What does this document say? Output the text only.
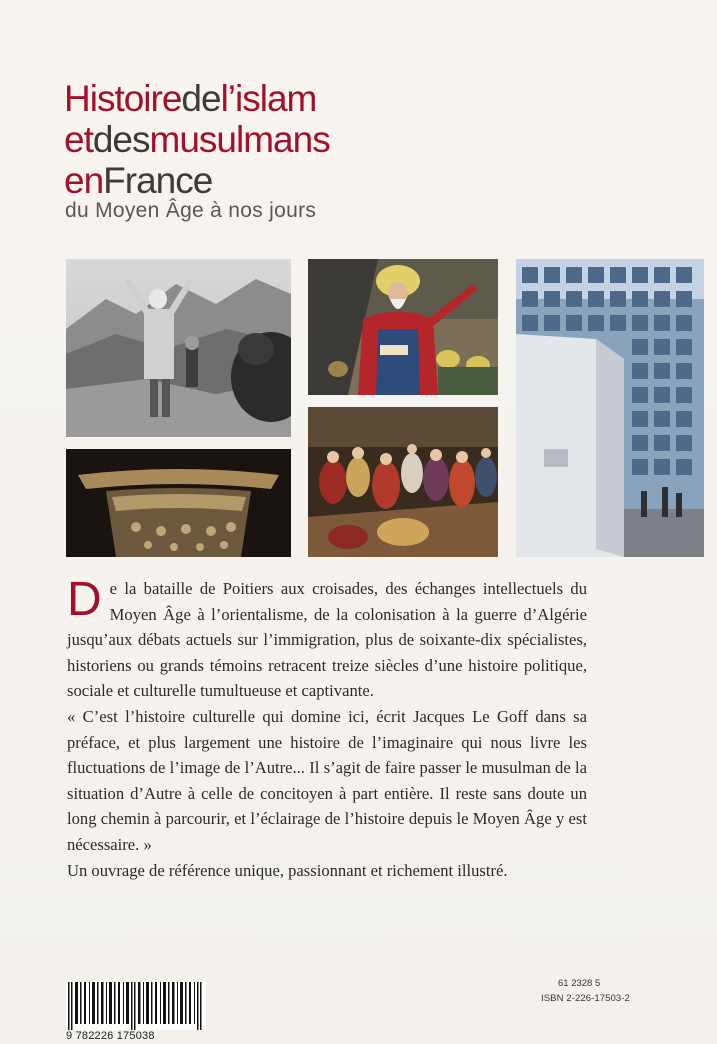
Histoiredel’islam
etdesmusulmans
enFrance
du Moyen Âge à nos jours
D e la bataille de Poitiers aux croisades, des échanges intellectuels du Moyen Âge à l’orientalisme, de la colonisation à la guerre d’Algérie jusqu’aux débats actuels sur l’immigration, plus de soixante-dix spécialistes, historiens ou grands témoins retracent treize siècles d’une histoire politique, sociale et culturelle tumultueuse et captivante.

« C’est l’histoire culturelle qui domine ici, écrit Jacques Le Goff dans sa préface, et plus largement une histoire de l’imaginaire qui nous livre les fluctuations de l’image de l’Autre... Il s’agit de faire passer le musulman de la situation d’Autre à celle de concitoyen à part entière. Il reste sans doute un long chemin à parcourir, et l’éclairage de l’histoire depuis le Moyen Âge y est nécessaire. »

Un ouvrage de référence unique, passionnant et richement illustré.

9 782226 175038
61 2328 5
ISBN 2-226-17503-2
